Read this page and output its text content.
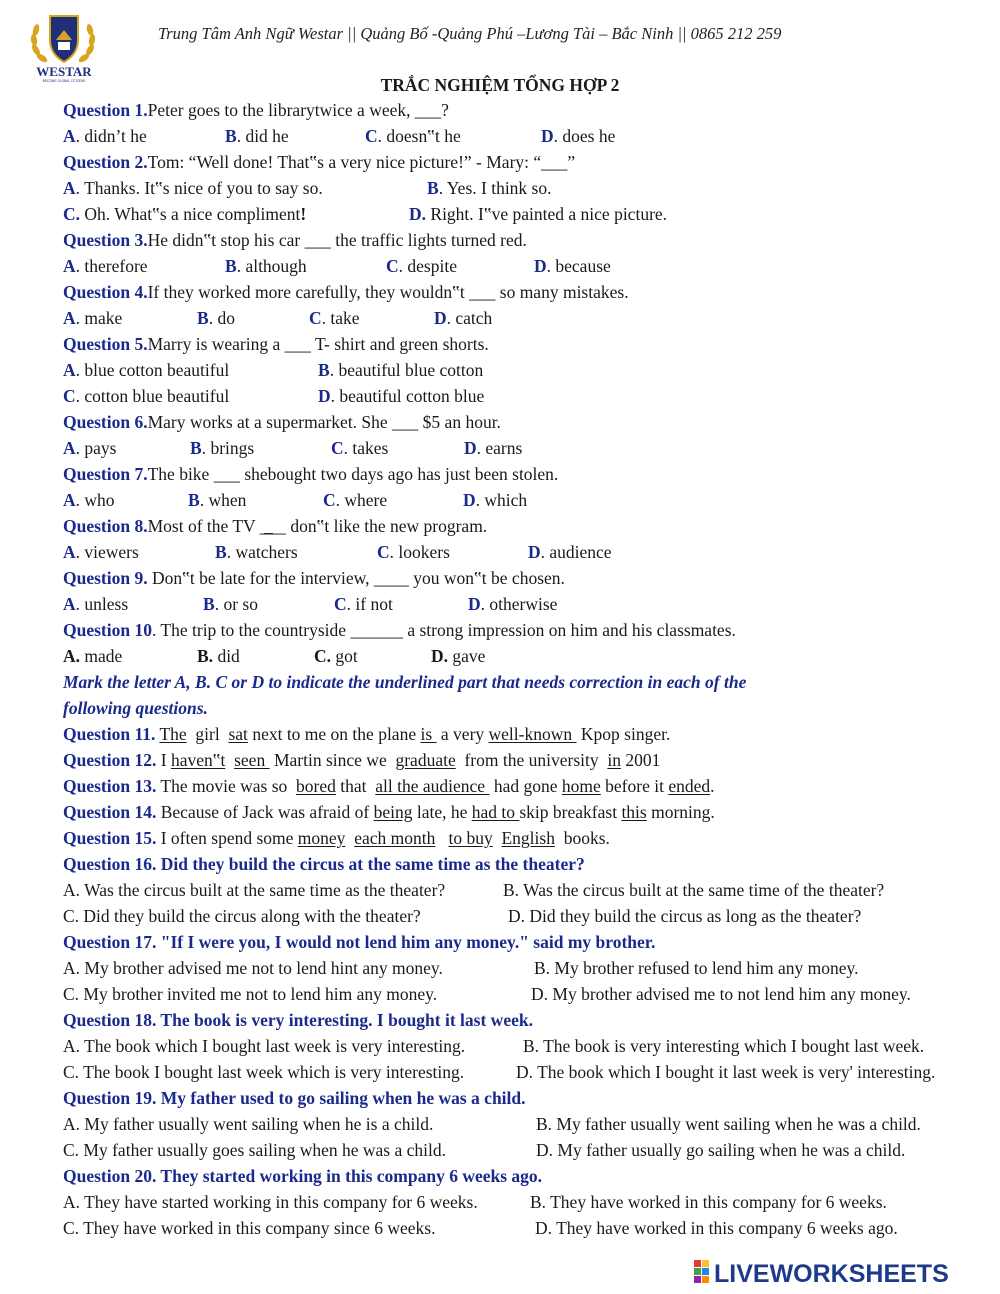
WESTAR
BECOME GLOBAL CITIZENS
Trung Tâm Anh Ngữ Westar || Quảng Bố -Quảng Phú –Lương Tài – Bắc Ninh || 0865 212 259
TRẮC NGHIỆM TỔNG HỢP 2
Question 1.Peter goes to the librarytwice a week, ___?
A. didn’t he	B. did he	C. doesn‟t he	D. does he
Question 2.Tom: “Well done! That‟s a very nice picture!” - Mary: “___”
A. Thanks. It‟s nice of you to say so.	B. Yes. I think so.
C. Oh. What‟s a nice compliment!	D. Right. I‟ve painted a nice picture.
Question 3.He didn‟t stop his car ___ the traffic lights turned red.
A. therefore	B. although	C. despite	D. because
Question 4.If they worked more carefully, they wouldn‟t ___ so many mistakes.
A. make	B. do	C. take	D. catch
Question 5.Marry is wearing a ___ T- shirt and green shorts.
A. blue cotton beautiful	B. beautiful blue cotton
C. cotton blue beautiful	D. beautiful cotton blue
Question 6.Mary works at a supermarket. She ___ $5 an hour.
A. pays	B. brings	C. takes	D. earns
Question 7.The bike ___ shebought two days ago has just been stolen.
A. who	B. when	C. where	D. which
Question 8.Most of the TV _̲__ don‟t like the new program.
A. viewers	B. watchers	C. lookers	D. audience
Question 9. Don‟t be late for the interview, ____ you won‟t be chosen.
A. unless	B. or so	C. if not	D. otherwise
Question 10. The trip to the countryside ______ a strong impression on him and his classmates.
A. made	B. did	C. got	D. gave
Mark the letter A, B. C or D to indicate the underlined part that needs correction in each of the
following questions.
Question 11. The  girl  sat next to me on the plane is  a very well-known  Kpop singer.
Question 12. I haven‟t seen  Martin since we  graduate  from the university  in 2001
Question 13. The movie was so  bored that  all the audience  had gone home before it ended.
Question 14. Because of Jack was afraid of being late, he had to skip breakfast this morning.
Question 15. I often spend some money each month to buy English  books.
Question 16. Did they build the circus at the same time as the theater?
A. Was the circus built at the same time as the theater?	B. Was the circus built at the same time of the theater?
C. Did they build the circus along with the theater?	D. Did they build the circus as long as the theater?
Question 17. "If I were you, I would not lend him any money." said my brother.
A. My brother advised me not to lend hint any money.	B. My brother refused to lend him any money.
C. My brother invited me not to lend him any money.	D. My brother advised me to not lend him any money.
Question 18. The book is very interesting. I bought it last week.
A. The book which I bought last week is very interesting.	B. The book is very interesting which I bought last week.
C. The book I bought last week which is very interesting.	D. The book which I bought it last week is very' interesting.
Question 19. My father used to go sailing when he was a child.
A. My father usually went sailing when he is a child.	B. My father usually went sailing when he was a child.
C. My father usually goes sailing when he was a child.	D. My father usually go sailing when he was a child.
Question 20. They started working in this company 6 weeks ago.
A. They have started working in this company for 6 weeks.	B. They have worked in this company for 6 weeks.
C. They have worked in this company since 6 weeks.	D. They have worked in this company 6 weeks ago.
LIVEWORKSHEETS
